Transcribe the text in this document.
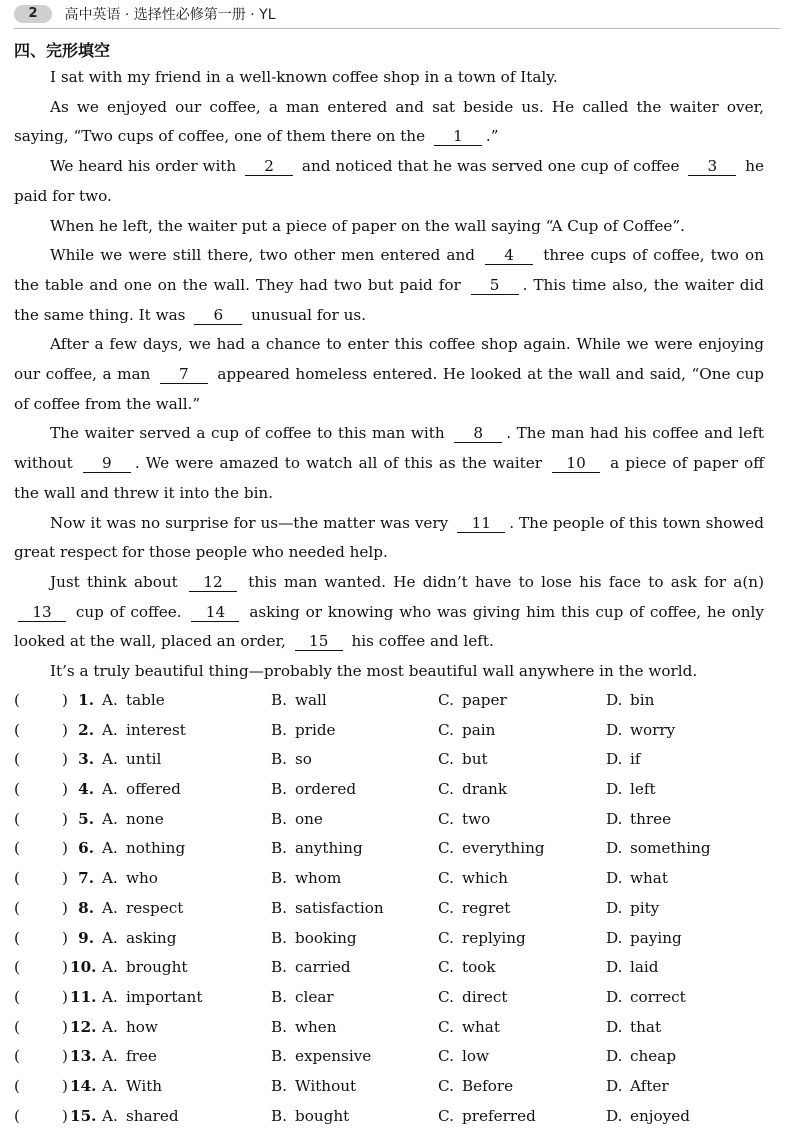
2 高中英语 · 选择性必修第一册 · YL
四、完形填空

I sat with my friend in a well-known coffee shop in a town of Italy.

As we enjoyed our coffee, a man entered and sat beside us. He called the waiter over, saying, “Two cups of coffee, one of them there on the 1 .”

We heard his order with 2 and noticed that he was served one cup of coffee 3 he paid for two.

When he left, the waiter put a piece of paper on the wall saying “A Cup of Coffee”.

While we were still there, two other men entered and 4 three cups of coffee, two on the table and one on the wall. They had two but paid for 5 . This time also, the waiter did the same thing. It was 6 unusual for us.

After a few days, we had a chance to enter this coffee shop again. While we were enjoying our coffee, a man 7 appeared homeless entered. He looked at the wall and said, “One cup of coffee from the wall.”

The waiter served a cup of coffee to this man with 8 . The man had his coffee and left without 9 . We were amazed to watch all of this as the waiter 10 a piece of paper off the wall and threw it into the bin.

Now it was no surprise for us—the matter was very 11 . The people of this town showed great respect for those people who needed help.

Just think about 12 this man wanted. He didn’t have to lose his face to ask for a(n) 13 cup of coffee. 14 asking or knowing who was giving him this cup of coffee, he only looked at the wall, placed an order, 15 his coffee and left.

It’s a truly beautiful thing—probably the most beautiful wall anywhere in the world.

(	) 1. A. table	B. wall	C. paper	D. bin
(	) 2. A. interest	B. pride	C. pain	D. worry
(	) 3. A. until	B. so	C. but	D. if
(	) 4. A. offered	B. ordered	C. drank	D. left
(	) 5. A. none	B. one	C. two	D. three
(	) 6. A. nothing	B. anything	C. everything	D. something
(	) 7. A. who	B. whom	C. which	D. what
(	) 8. A. respect	B. satisfaction	C. regret	D. pity
(	) 9. A. asking	B. booking	C. replying	D. paying
(	) 10. A. brought	B. carried	C. took	D. laid
(	) 11. A. important	B. clear	C. direct	D. correct
(	) 12. A. how	B. when	C. what	D. that
(	) 13. A. free	B. expensive	C. low	D. cheap
(	) 14. A. With	B. Without	C. Before	D. After
(	) 15. A. shared	B. bought	C. preferred	D. enjoyed
